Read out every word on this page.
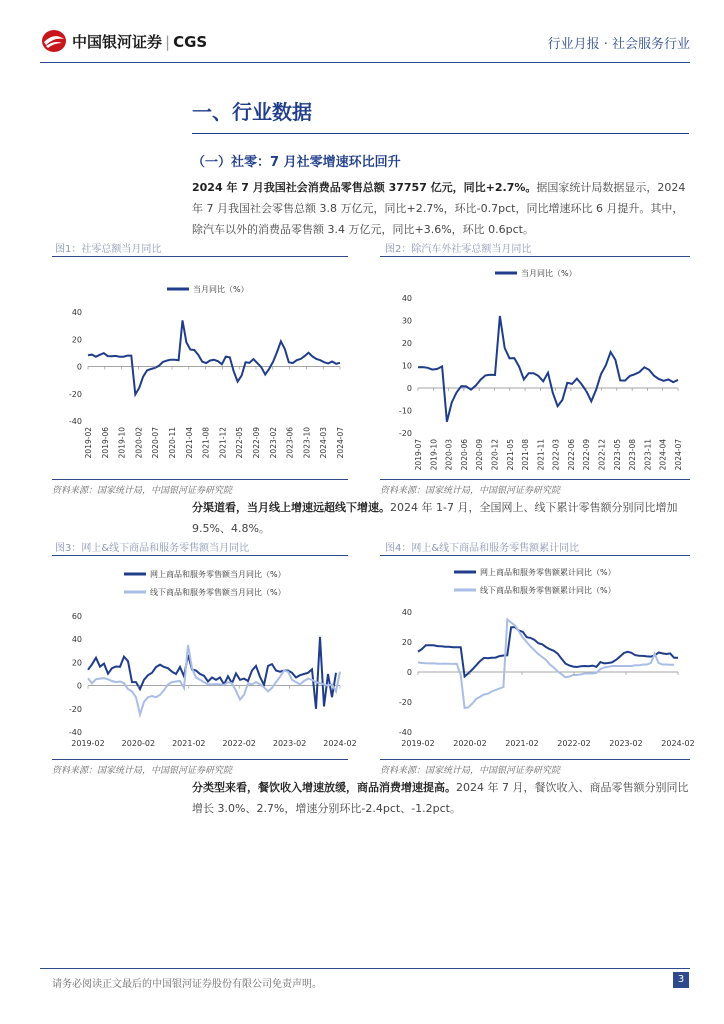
中国银河证券 | CGS	行业月报 · 社会服务行业
一、行业数据
（一）社零：7 月社零增速环比回升
2024 年 7 月我国社会消费品零售总额 37757 亿元，同比+2.7%。据国家统计局数据显示，2024 年 7 月我国社会零售总额 3.8 万亿元，同比+2.7%，环比-0.7pct，同比增速环比 6 月提升。其中，除汽车以外的消费品零售额 3.4 万亿元，同比+3.6%，环比 0.6pct。
图1：社零总额当月同比	图2：除汽车外社零总额当月同比
当月同比（%）
-40
-20
0
20
40
2019-02 2019-06 2019-10 2020-02 2020-07 2020-11 2021-04 2021-08 2021-12 2022-05 2022-09 2023-02 2023-06 2023-10 2024-03 2024-07
当月同比（%）
-20
-10
0
10
20
30
40
2019-07 2019-10 2020-03 2020-06 2020-09 2020-12 2021-05 2021-08 2021-11 2022-03 2022-06 2022-09 2022-12 2023-05 2023-08 2023-11 2024-04 2024-07
资料来源：国家统计局，中国银河证券研究院	资料来源：国家统计局，中国银河证券研究院
分渠道看，当月线上增速远超线下增速。2024 年 1-7 月，全国网上、线下累计零售额分别同比增加 9.5%、4.8%。
图3：网上&线下商品和服务零售额当月同比	图4：网上&线下商品和服务零售额累计同比
网上商品和服务零售额当月同比（%）
线下商品和服务零售额当月同比（%）
-40
-20
0
20
40
60
2019-02 2020-02 2021-02 2022-02 2023-02 2024-02
网上商品和服务零售额累计同比（%）
线下商品和服务零售额累计同比（%）
-40
-20
0
20
40
2019-02 2020-02 2021-02 2022-02 2023-02 2024-02
资料来源：国家统计局，中国银河证券研究院	资料来源：国家统计局，中国银河证券研究院
分类型来看，餐饮收入增速放缓，商品消费增速提高。2024 年 7 月，餐饮收入、商品零售额分别同比增长 3.0%、2.7%，增速分别环比-2.4pct、-1.2pct。
请务必阅读正文最后的中国银河证券股份有限公司免责声明。	3
